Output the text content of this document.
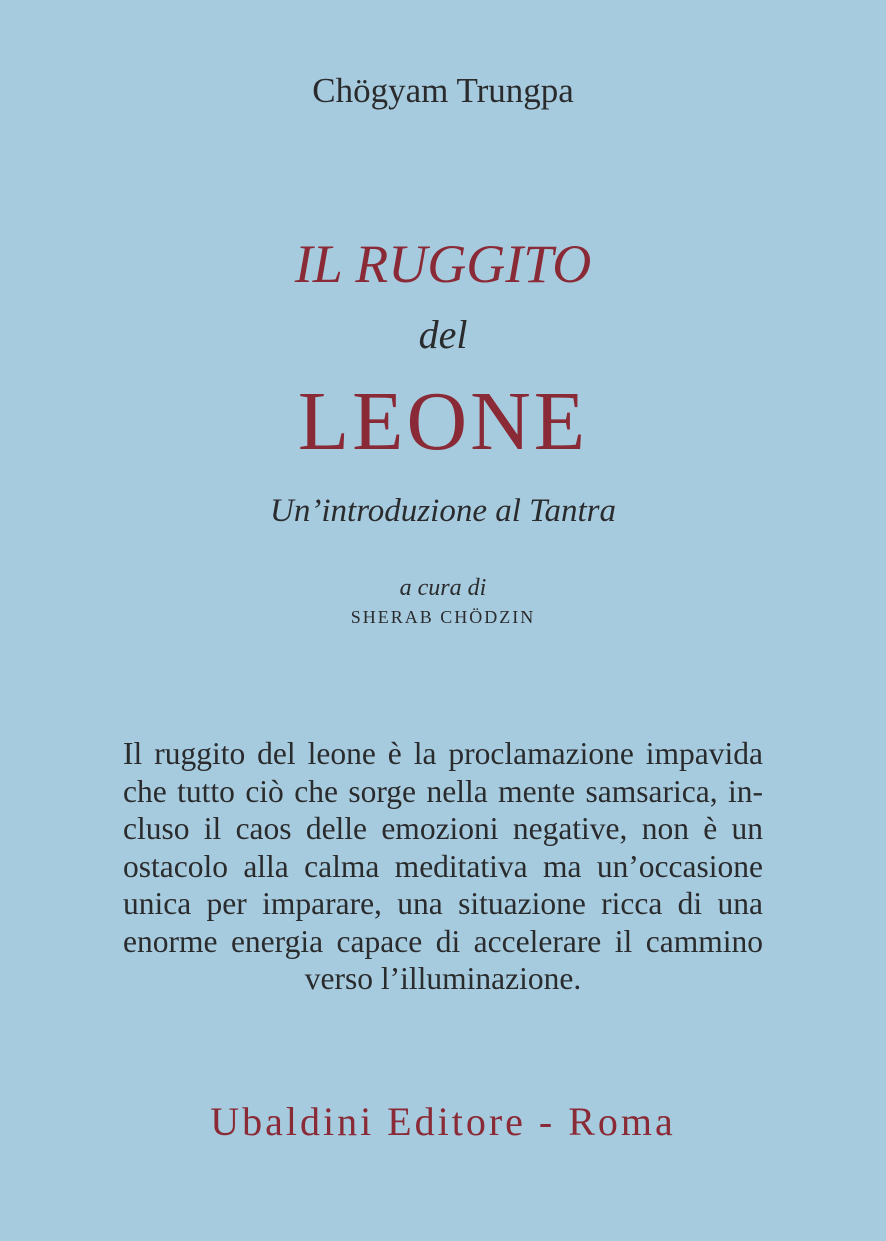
Chögyam Trungpa

IL RUGGITO

del

LEONE

Un’introduzione al Tantra

a cura di

SHERAB CHÖDZIN

Il ruggito del leone è la proclamazione impavida
che tutto ciò che sorge nella mente samsarica, in-
cluso il caos delle emozioni negative, non è un
ostacolo alla calma meditativa ma un’occasione
unica per imparare, una situazione ricca di una
enorme energia capace di accelerare il cammino
verso l’illuminazione.

Ubaldini Editore - Roma
